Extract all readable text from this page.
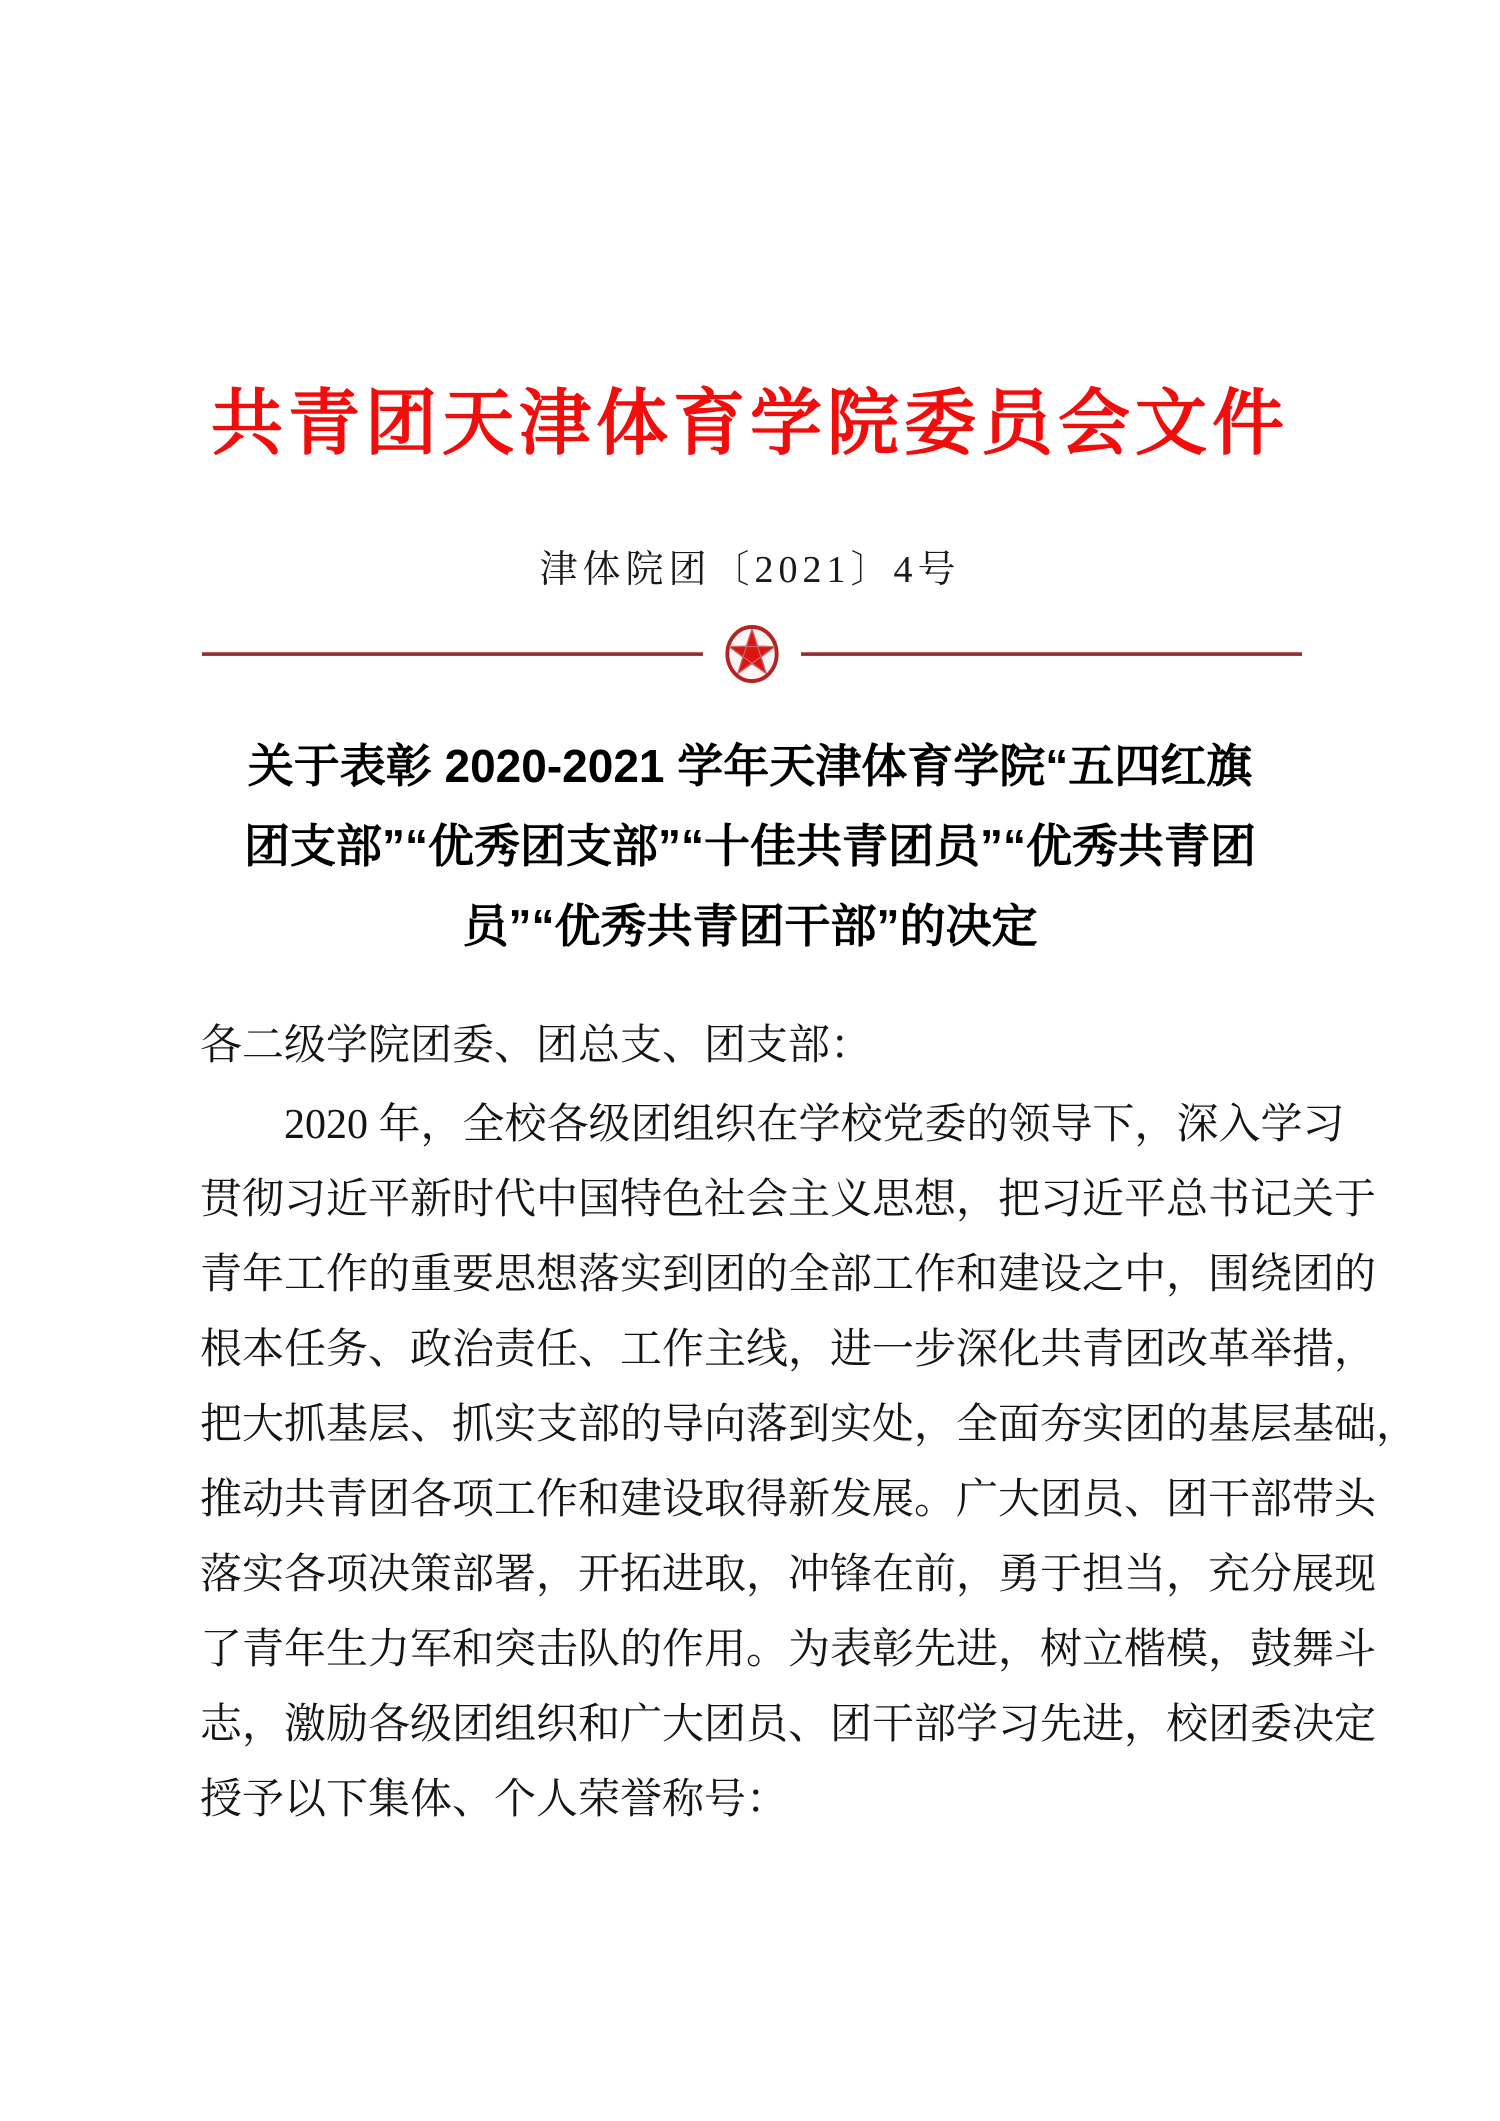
共青团天津体育学院委员会文件
津体院团〔2021〕4号
关于表彰 2020-2021 学年天津体育学院“五四红旗
团支部”“优秀团支部”“十佳共青团员”“优秀共青团
员”“优秀共青团干部”的决定
各二级学院团委、团总支、团支部：
2020 年，全校各级团组织在学校党委的领导下，深入学习
贯彻习近平新时代中国特色社会主义思想，把习近平总书记关于
青年工作的重要思想落实到团的全部工作和建设之中，围绕团的
根本任务、政治责任、工作主线，进一步深化共青团改革举措，
把大抓基层、抓实支部的导向落到实处，全面夯实团的基层基础，
推动共青团各项工作和建设取得新发展。广大团员、团干部带头
落实各项决策部署，开拓进取，冲锋在前，勇于担当，充分展现
了青年生力军和突击队的作用。为表彰先进，树立楷模，鼓舞斗
志，激励各级团组织和广大团员、团干部学习先进，校团委决定
授予以下集体、个人荣誉称号：
